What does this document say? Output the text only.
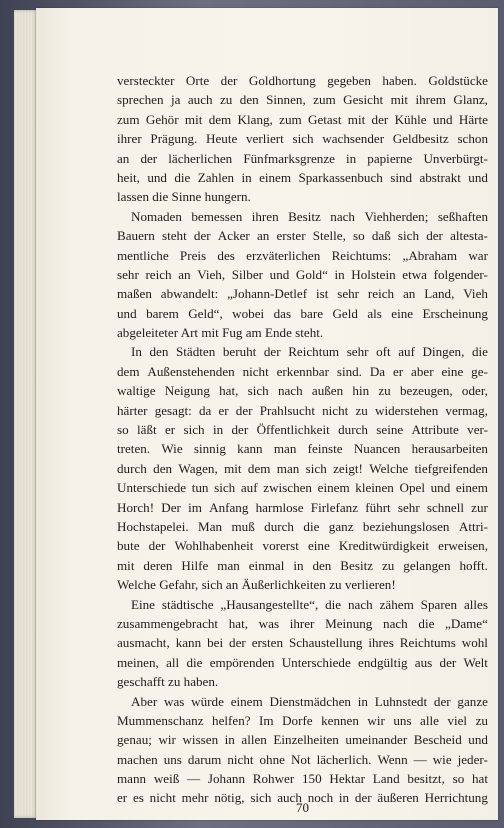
versteckter Orte der Goldhortung gegeben haben. Goldstücke
sprechen ja auch zu den Sinnen, zum Gesicht mit ihrem Glanz,
zum Gehör mit dem Klang, zum Getast mit der Kühle und Härte
ihrer Prägung. Heute verliert sich wachsender Geldbesitz schon
an der lächerlichen Fünfmarksgrenze in papierne Unverbürgt-
heit, und die Zahlen in einem Sparkassenbuch sind abstrakt und
lassen die Sinne hungern.
Nomaden bemessen ihren Besitz nach Viehherden; seßhaften
Bauern steht der Acker an erster Stelle, so daß sich der altesta-
mentliche Preis des erzväterlichen Reichtums: „Abraham war
sehr reich an Vieh, Silber und Gold“ in Holstein etwa folgender-
maßen abwandelt: „Johann-Detlef ist sehr reich an Land, Vieh
und barem Geld“, wobei das bare Geld als eine Erscheinung
abgeleiteter Art mit Fug am Ende steht.
In den Städten beruht der Reichtum sehr oft auf Dingen, die
dem Außenstehenden nicht erkennbar sind. Da er aber eine ge-
waltige Neigung hat, sich nach außen hin zu bezeugen, oder,
härter gesagt: da er der Prahlsucht nicht zu widerstehen vermag,
so läßt er sich in der Öffentlichkeit durch seine Attribute ver-
treten. Wie sinnig kann man feinste Nuancen herausarbeiten
durch den Wagen, mit dem man sich zeigt! Welche tiefgreifenden
Unterschiede tun sich auf zwischen einem kleinen Opel und einem
Horch! Der im Anfang harmlose Firlefanz führt sehr schnell zur
Hochstapelei. Man muß durch die ganz beziehungslosen Attri-
bute der Wohlhabenheit vorerst eine Kreditwürdigkeit erweisen,
mit deren Hilfe man einmal in den Besitz zu gelangen hofft.
Welche Gefahr, sich an Äußerlichkeiten zu verlieren!
Eine städtische „Hausangestellte“, die nach zähem Sparen alles
zusammengebracht hat, was ihrer Meinung nach die „Dame“
ausmacht, kann bei der ersten Schaustellung ihres Reichtums wohl
meinen, all die empörenden Unterschiede endgültig aus der Welt
geschafft zu haben.
Aber was würde einem Dienstmädchen in Luhnstedt der ganze
Mummenschanz helfen? Im Dorfe kennen wir uns alle viel zu
genau; wir wissen in allen Einzelheiten umeinander Bescheid und
machen uns darum nicht ohne Not lächerlich. Wenn — wie jeder-
mann weiß — Johann Rohwer 150 Hektar Land besitzt, so hat
er es nicht mehr nötig, sich auch noch in der äußeren Herrichtung
70
